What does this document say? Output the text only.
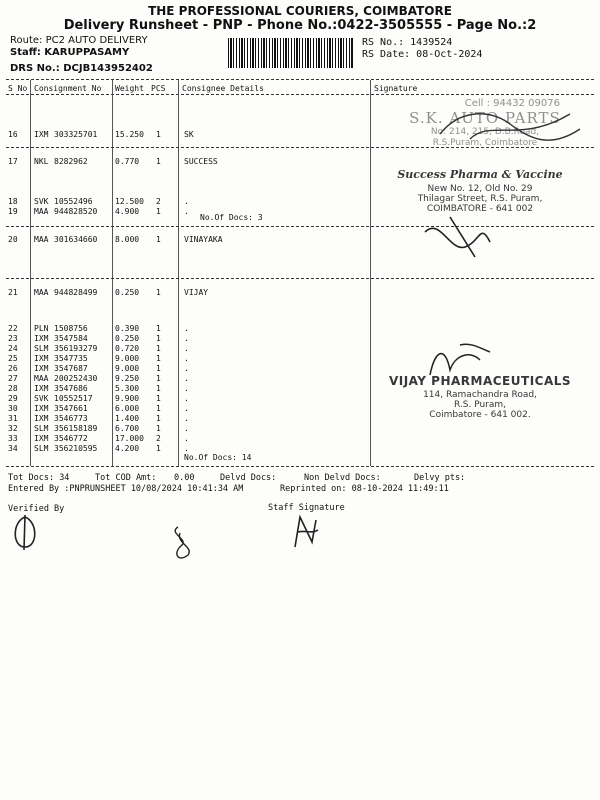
THE PROFESSIONAL COURIERS, COIMBATORE
Delivery Runsheet - PNP - Phone No.:0422-3505555 - Page No.:2
Route: PC2 AUTO DELIVERY
Staff: KARUPPASAMY
DRS No.: DCJB143952402
RS No.: 1439524
RS Date: 08-Oct-2024
S No Consignment No Weight PCS Consignee Details	Signature
16 IXM 303325701 15.250 1	SK
17 NKL 8282962	0.770 1	SUCCESS
18 SVK 10552496	12.500 2	.
19 MAA 944828520 4.900 1	.
20 MAA 301634660 8.000 1	VINAYAKA
21 MAA 944828499 0.250 1	VIJAY
22 PLN 1508756	0.390 1	.
23 IXM 3547584	0.250 1	.
24 SLM 356193279 0.720 1	.
25 IXM 3547735	9.000 1	.
26 IXM 3547687	9.000 1	.
27 MAA 200252430 9.250 1	.
28 IXM 3547686	5.300 1	.
29 SVK 10552517	9.900 1	.
30 IXM 3547661	6.000 1	.
31 IXM 3546773	1.400 1	.
32 SLM 356158189 6.700 1	.
33 IXM 3546772	17.000 2	.
34 SLM 356210595 4.200 1	.
No.Of Docs: 3
No.Of Docs: 14
Cell : 94432 09076
S.K. AUTO PARTS
No: 214, 215, D.B.Road,
R.S.Puram, Coimbatore
Success Pharma & Vaccine
New No. 12, Old No. 29
Thilagar Street, R.S. Puram,
COIMBATORE - 641 002
VIJAY PHARMACEUTICALS
114, Ramachandra Road,
R.S. Puram,
Coimbatore - 641 002.
Tot Docs: 34	Tot COD Amt: 0.00	Delvd Docs:	Non Delvd Docs:	Delvy pts:
Entered By :PNPRUNSHEET 10/08/2024 10:41:34 AM	Reprinted on: 08-10-2024 11:49:11
Verified By	Staff Signature
